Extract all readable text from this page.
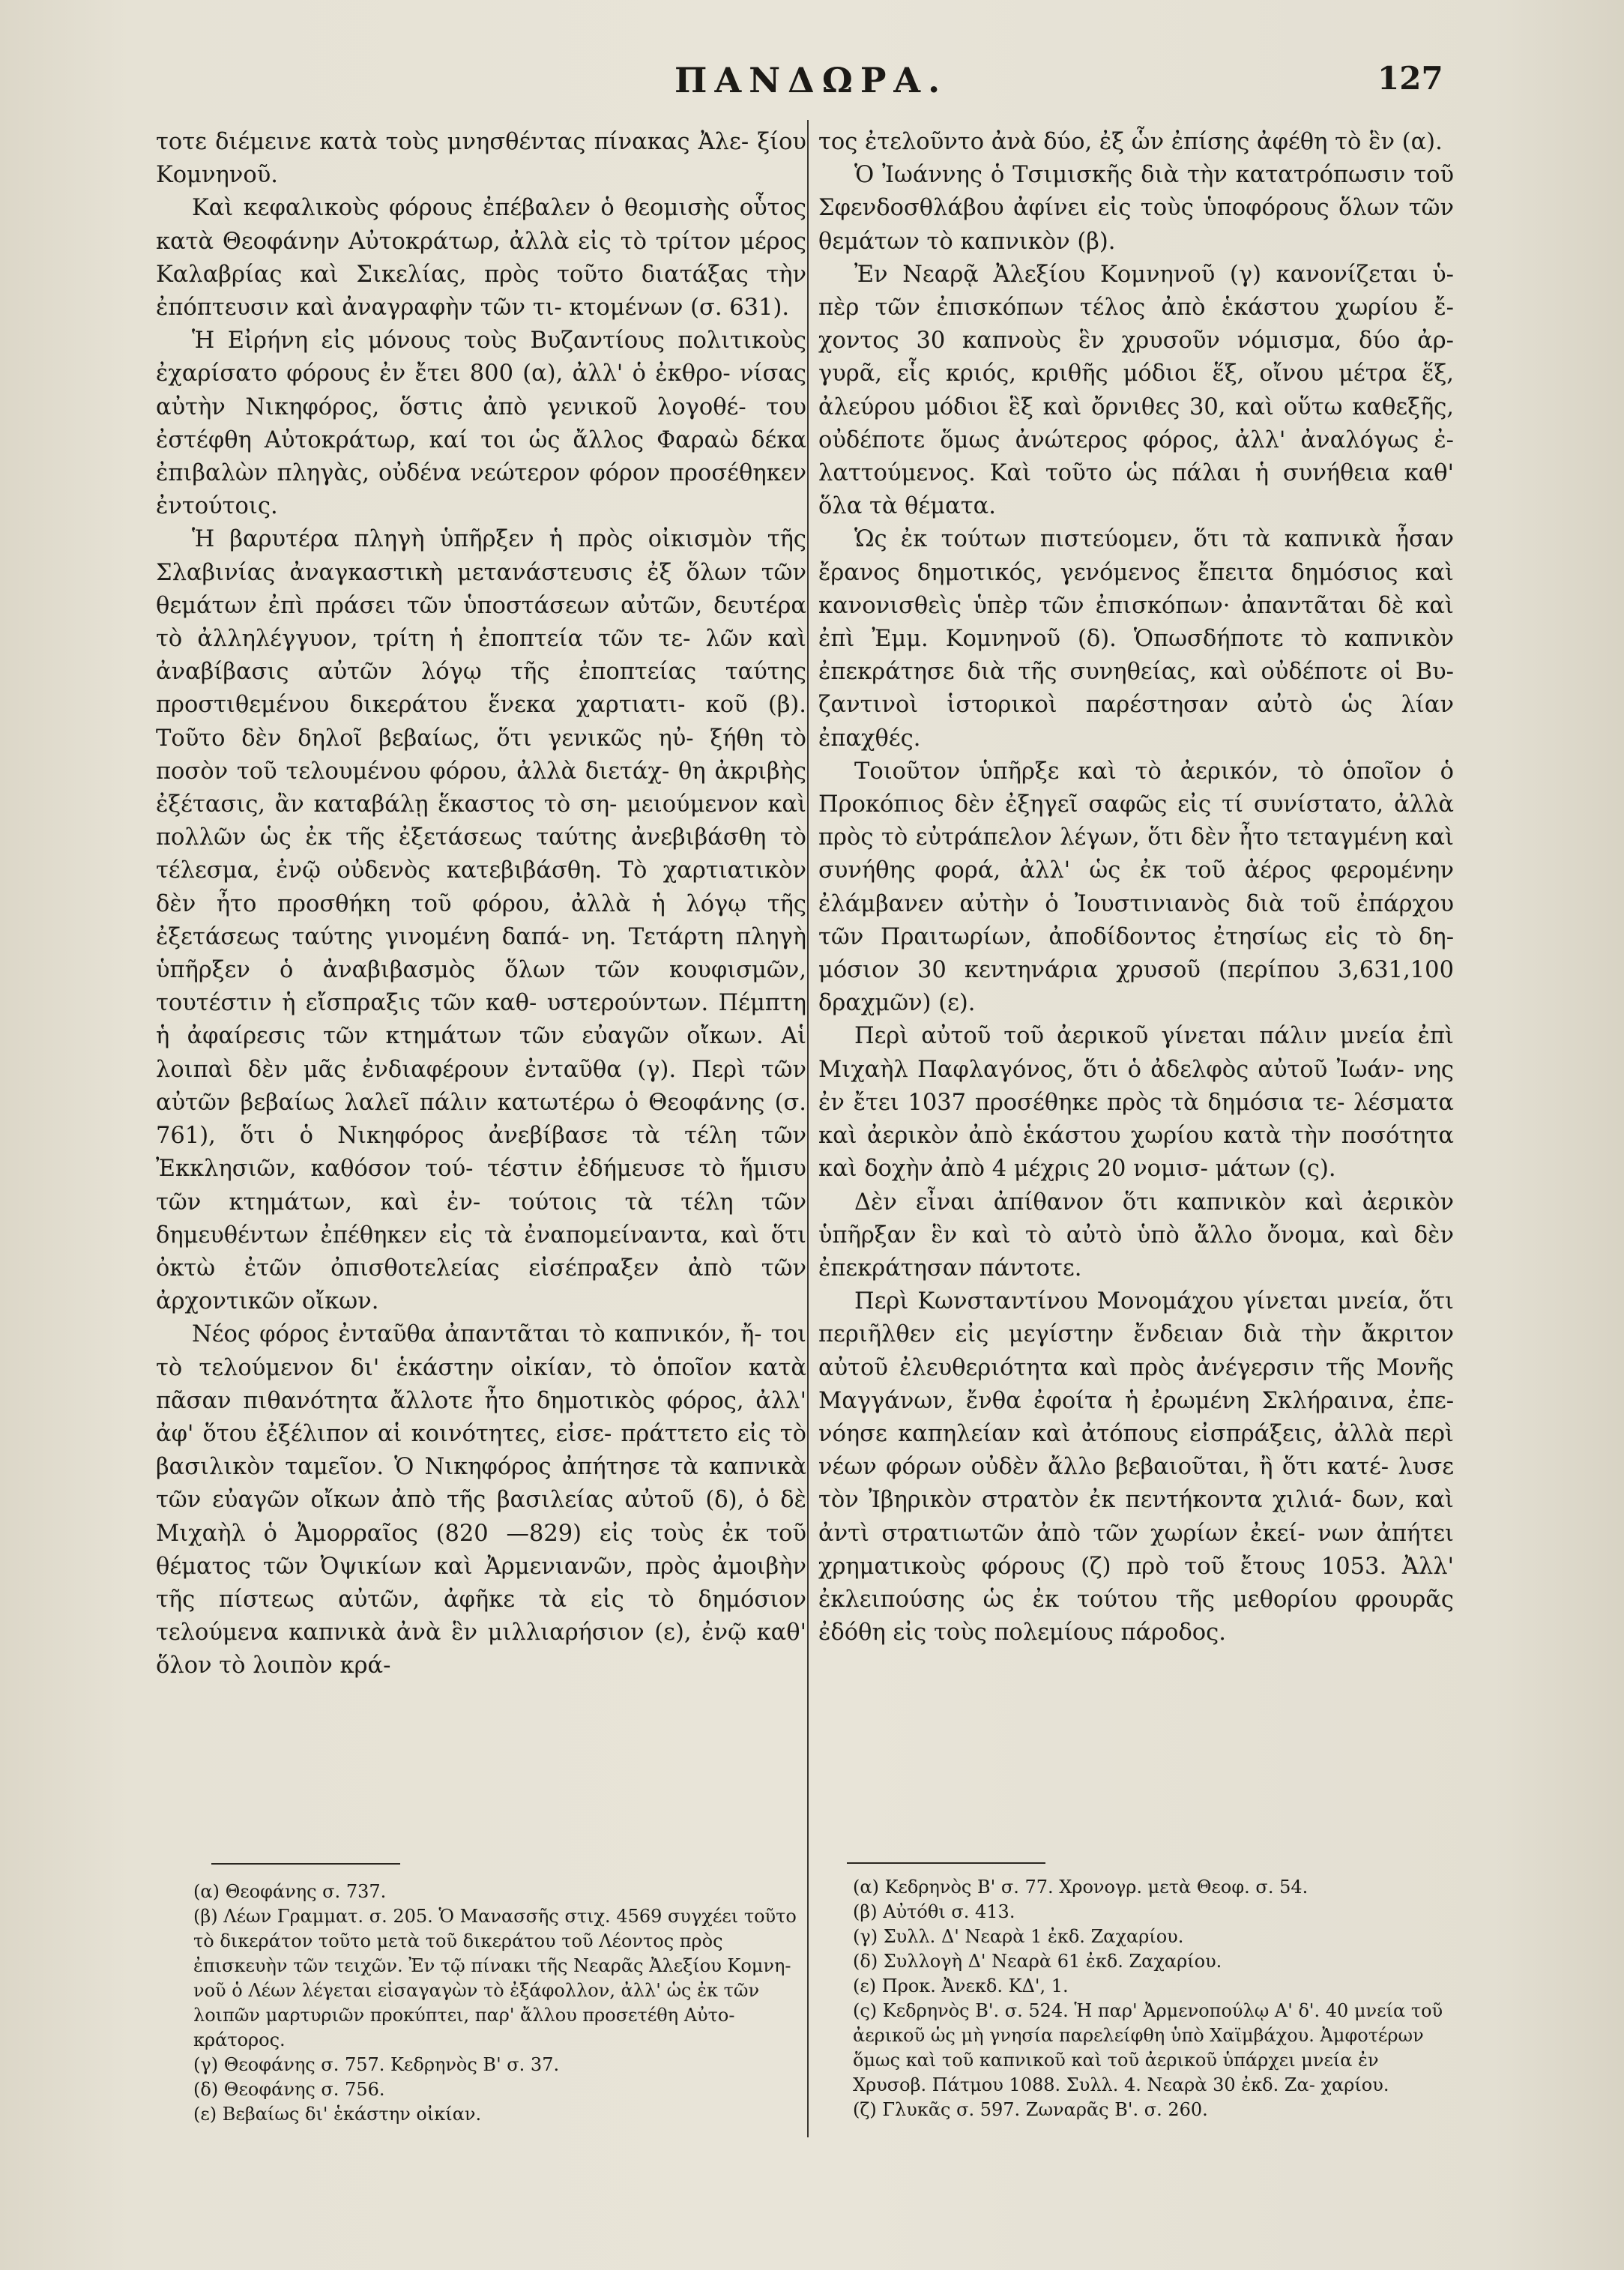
ΠΑΝΔΩΡΑ.	127

τοτε διέμεινε κατὰ τοὺς μνησθέντας πίνακας Ἀλε- ξίου Κομνηνοῦ.

Καὶ κεφαλικοὺς φόρους ἐπέβαλεν ὁ θεομισὴς οὗτος κατὰ Θεοφάνην Αὐτοκράτωρ, ἀλλὰ εἰς τὸ τρίτον μέρος Καλαβρίας καὶ Σικελίας, πρὸς τοῦτο διατάξας τὴν ἐπόπτευσιν καὶ ἀναγραφὴν τῶν τι- κτομένων (σ. 631).

Ἡ Εἰρήνη εἰς μόνους τοὺς Βυζαντίους πολιτικοὺς ἐχαρίσατο φόρους ἐν ἔτει 800 (α), ἀλλ' ὁ ἐκθρο- νίσας αὐτὴν Νικηφόρος, ὅστις ἀπὸ γενικοῦ λογοθέ- του ἐστέφθη Αὐτοκράτωρ, καί τοι ὡς ἄλλος Φαραὼ δέκα ἐπιβαλὼν πληγὰς, οὐδένα νεώτερον φόρον προσέθηκεν ἐντούτοις.

Ἡ βαρυτέρα πληγὴ ὑπῆρξεν ἡ πρὸς οἰκισμὸν τῆς Σλαβινίας ἀναγκαστικὴ μετανάστευσις ἐξ ὅλων τῶν θεμάτων ἐπὶ πράσει τῶν ὑποστάσεων αὐτῶν, δευτέρα τὸ ἀλληλέγγυον, τρίτη ἡ ἐποπτεία τῶν τε- λῶν καὶ ἀναβίβασις αὐτῶν λόγῳ τῆς ἐποπτείας ταύτης προστιθεμένου δικεράτου ἕνεκα χαρτιατι- κοῦ (β). Τοῦτο δὲν δηλοῖ βεβαίως, ὅτι γενικῶς ηὐ- ξήθη τὸ ποσὸν τοῦ τελουμένου φόρου, ἀλλὰ διετάχ- θη ἀκριβὴς ἐξέτασις, ἂν καταβάλῃ ἕκαστος τὸ ση- μειούμενον καὶ πολλῶν ὡς ἐκ τῆς ἐξετάσεως ταύτης ἀνεβιβάσθη τὸ τέλεσμα, ἐνῷ οὐδενὸς κατεβιβάσθη. Τὸ χαρτιατικὸν δὲν ἦτο προσθήκη τοῦ φόρου, ἀλλὰ ἡ λόγῳ τῆς ἐξετάσεως ταύτης γινομένη δαπά- νη. Τετάρτη πληγὴ ὑπῆρξεν ὁ ἀναβιβασμὸς ὅλων τῶν κουφισμῶν, τουτέστιν ἡ εἴσπραξις τῶν καθ- υστερούντων. Πέμπτη ἡ ἀφαίρεσις τῶν κτημάτων τῶν εὐαγῶν οἴκων. Αἱ λοιπαὶ δὲν μᾶς ἐνδιαφέρουν ἐνταῦθα (γ). Περὶ τῶν αὐτῶν βεβαίως λαλεῖ πάλιν κατωτέρω ὁ Θεοφάνης (σ. 761), ὅτι ὁ Νικηφόρος ἀνεβίβασε τὰ τέλη τῶν Ἐκκλησιῶν, καθόσον τού- τέστιν ἐδήμευσε τὸ ἥμισυ τῶν κτημάτων, καὶ ἐν- τούτοις τὰ τέλη τῶν δημευθέντων ἐπέθηκεν εἰς τὰ ἐναπομείναντα, καὶ ὅτι ὀκτὼ ἐτῶν ὀπισθοτελείας εἰσέπραξεν ἀπὸ τῶν ἀρχοντικῶν οἴκων.

Νέος φόρος ἐνταῦθα ἀπαντᾶται τὸ καπνικόν, ἤ- τοι τὸ τελούμενον δι' ἑκάστην οἰκίαν, τὸ ὁποῖον κατὰ πᾶσαν πιθανότητα ἄλλοτε ἦτο δημοτικὸς φόρος, ἀλλ' ἀφ' ὅτου ἐξέλιπον αἱ κοινότητες, εἰσε- πράττετο εἰς τὸ βασιλικὸν ταμεῖον. Ὁ Νικηφόρος ἀπήτησε τὰ καπνικὰ τῶν εὐαγῶν οἴκων ἀπὸ τῆς βασιλείας αὐτοῦ (δ), ὁ δὲ Μιχαὴλ ὁ Ἀμορραῖος (820 —829) εἰς τοὺς ἐκ τοῦ θέματος τῶν Ὀψικίων καὶ Ἀρμενιανῶν, πρὸς ἀμοιβὴν τῆς πίστεως αὐτῶν, ἀφῆκε τὰ εἰς τὸ δημόσιον τελούμενα καπνικὰ ἀνὰ ἓν μιλλιαρήσιον (ε), ἐνῷ καθ' ὅλον τὸ λοιπὸν κρά-

τος ἐτελοῦντο ἀνὰ δύο, ἐξ ὧν ἐπίσης ἀφέθη τὸ ἓν (α).

Ὁ Ἰωάννης ὁ Τσιμισκῆς διὰ τὴν κατατρόπωσιν τοῦ Σφενδοσθλάβου ἀφίνει εἰς τοὺς ὑποφόρους ὅλων τῶν θεμάτων τὸ καπνικὸν (β).

Ἐν Νεαρᾷ Ἀλεξίου Κομνηνοῦ (γ) κανονίζεται ὑ- πὲρ τῶν ἐπισκόπων τέλος ἀπὸ ἑκάστου χωρίου ἔ- χοντος 30 καπνοὺς ἓν χρυσοῦν νόμισμα, δύο ἀρ- γυρᾶ, εἷς κριός, κριθῆς μόδιοι ἕξ, οἴνου μέτρα ἕξ, ἀλεύρου μόδιοι ἓξ καὶ ὄρνιθες 30, καὶ οὕτω καθεξῆς, οὐδέποτε ὅμως ἀνώτερος φόρος, ἀλλ' ἀναλόγως ἐ- λαττούμενος. Καὶ τοῦτο ὡς πάλαι ἡ συνήθεια καθ' ὅλα τὰ θέματα.

Ὡς ἐκ τούτων πιστεύομεν, ὅτι τὰ καπνικὰ ἦσαν ἔρανος δημοτικός, γενόμενος ἔπειτα δημόσιος καὶ κανονισθεὶς ὑπὲρ τῶν ἐπισκόπων· ἀπαντᾶται δὲ καὶ ἐπὶ Ἐμμ. Κομνηνοῦ (δ). Ὁπωσδήποτε τὸ καπνικὸν ἐπεκράτησε διὰ τῆς συνηθείας, καὶ οὐδέποτε οἱ Βυ- ζαντινοὶ ἱστορικοὶ παρέστησαν αὐτὸ ὡς λίαν ἐπαχθές.

Τοιοῦτον ὑπῆρξε καὶ τὸ ἀερικόν, τὸ ὁποῖον ὁ Προκόπιος δὲν ἐξηγεῖ σαφῶς εἰς τί συνίστατο, ἀλλὰ πρὸς τὸ εὐτράπελον λέγων, ὅτι δὲν ἦτο τεταγμένη καὶ συνήθης φορά, ἀλλ' ὡς ἐκ τοῦ ἀέρος φερομένην ἐλάμβανεν αὐτὴν ὁ Ἰουστινιανὸς διὰ τοῦ ἐπάρχου τῶν Πραιτωρίων, ἀποδίδοντος ἐτησίως εἰς τὸ δη- μόσιον 30 κεντηνάρια χρυσοῦ (περίπου 3,631,100 δραχμῶν) (ε).

Περὶ αὐτοῦ τοῦ ἀερικοῦ γίνεται πάλιν μνεία ἐπὶ Μιχαὴλ Παφλαγόνος, ὅτι ὁ ἀδελφὸς αὐτοῦ Ἰωάν- νης ἐν ἔτει 1037 προσέθηκε πρὸς τὰ δημόσια τε- λέσματα καὶ ἀερικὸν ἀπὸ ἑκάστου χωρίου κατὰ τὴν ποσότητα καὶ δοχὴν ἀπὸ 4 μέχρις 20 νομισ- μάτων (ς).

Δὲν εἶναι ἀπίθανον ὅτι καπνικὸν καὶ ἀερικὸν ὑπῆρξαν ἓν καὶ τὸ αὐτὸ ὑπὸ ἄλλο ὄνομα, καὶ δὲν ἐπεκράτησαν πάντοτε.

Περὶ Κωνσταντίνου Μονομάχου γίνεται μνεία, ὅτι περιῆλθεν εἰς μεγίστην ἔνδειαν διὰ τὴν ἄκριτον αὐτοῦ ἐλευθεριότητα καὶ πρὸς ἀνέγερσιν τῆς Μονῆς Μαγγάνων, ἔνθα ἐφοίτα ἡ ἐρωμένη Σκλήραινα, ἐπε- νόησε καπηλείαν καὶ ἀτόπους εἰσπράξεις, ἀλλὰ περὶ νέων φόρων οὐδὲν ἄλλο βεβαιοῦται, ἢ ὅτι κατέ- λυσε τὸν Ἰβηρικὸν στρατὸν ἐκ πεντήκοντα χιλιά- δων, καὶ ἀντὶ στρατιωτῶν ἀπὸ τῶν χωρίων ἐκεί- νων ἀπήτει χρηματικοὺς φόρους (ζ) πρὸ τοῦ ἔτους 1053. Ἀλλ' ἐκλειπούσης ὡς ἐκ τούτου τῆς μεθορίου φρουρᾶς ἐδόθη εἰς τοὺς πολεμίους πάροδος.

(α) Θεοφάνης σ. 737.
(β) Λέων Γραμματ. σ. 205. Ὁ Μανασσῆς στιχ. 4569 συγχέει τοῦτο τὸ δικεράτον τοῦτο μετὰ τοῦ δικεράτου τοῦ Λέοντος πρὸς ἐπισκευὴν τῶν τειχῶν. Ἐν τῷ πίνακι τῆς Νεαρᾶς Ἀλεξίου Κομνη- νοῦ ὁ Λέων λέγεται εἰσαγαγὼν τὸ ἐξάφολλον, ἀλλ' ὡς ἐκ τῶν λοιπῶν μαρτυριῶν προκύπτει, παρ' ἄλλου προσετέθη Αὐτο- κράτορος.
(γ) Θεοφάνης σ. 757. Κεδρηνὸς Β' σ. 37.
(δ) Θεοφάνης σ. 756.
(ε) Βεβαίως δι' ἑκάστην οἰκίαν.
(α) Κεδρηνὸς Β' σ. 77. Χρονογρ. μετὰ Θεοφ. σ. 54.
(β) Αὐτόθι σ. 413.
(γ) Συλλ. Δ' Νεαρὰ 1 ἐκδ. Ζαχαρίου.
(δ) Συλλογὴ Δ' Νεαρὰ 61 ἐκδ. Ζαχαρίου.
(ε) Προκ. Ἀνεκδ. ΚΔ', 1.
(ς) Κεδρηνὸς Β'. σ. 524. Ἡ παρ' Ἀρμενοπούλῳ Α' δ'. 40 μνεία τοῦ ἀερικοῦ ὡς μὴ γνησία παρελείφθη ὑπὸ Χαϊμβάχου. Ἀμφοτέρων ὅμως καὶ τοῦ καπνικοῦ καὶ τοῦ ἀερικοῦ ὑπάρχει μνεία ἐν Χρυσοβ. Πάτμου 1088. Συλλ. 4. Νεαρὰ 30 ἐκδ. Ζα- χαρίου.
(ζ) Γλυκᾶς σ. 597. Ζωναρᾶς Β'. σ. 260.
